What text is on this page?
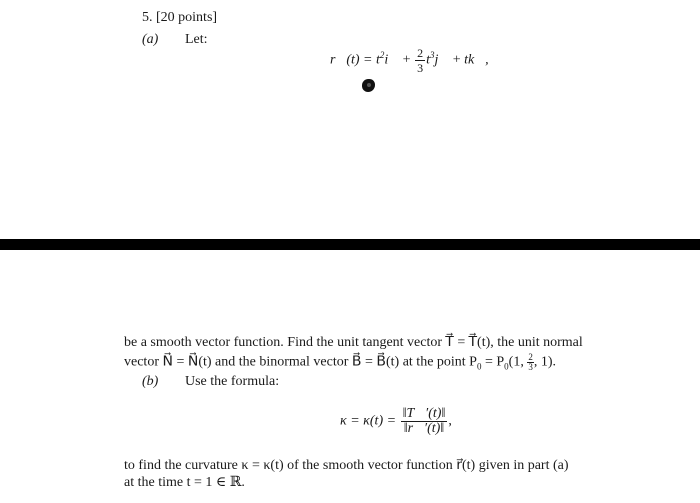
5. [20 points]
(a) Let:
r⃗(t) = $t^2i⃗ + \frac{2}{3}$ $t^3j⃗$ + tk⃗,
be a smooth vector function. Find the unit tangent vector T⃗ = T⃗(t), the unit normal
vector N⃗ = N⃗(t) and the binormal vector B⃗ = B⃗(t) at the point $P_0 = P_0(1$, $\frac{2}{3}$ , 1).
(b) Use the formula:
$\kappa = \kappa(t) = \frac{‖T⃗'(t)‖}{‖r⃗'(t)‖}$ ,
to find the curvature κ = κ(t) of the smooth vector function r⃗(t) given in part (a)
at the time t = 1 ∈ ℝ.
